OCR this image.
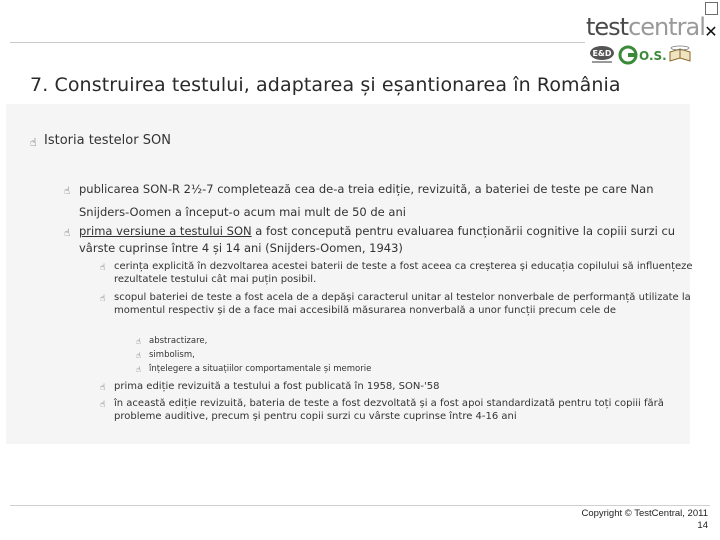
✕
testcentral
E&D O.S.
7. Construirea testului, adaptarea și eșantionarea în România
☝ Istoria testelor SON
☝ publicarea SON-R 2½-7 completează cea de-a treia ediție, revizuită, a bateriei de teste pe care Nan Snijders-Oomen a început-o acum mai mult de 50 de ani
☝ prima versiune a testului SON a fost concepută pentru evaluarea funcționării cognitive la copiii surzi cu vârste cuprinse între 4 și 14 ani (Snijders-Oomen, 1943)
☝ cerința explicită în dezvoltarea acestei baterii de teste a fost aceea ca creșterea și educația copilului să influențeze rezultatele testului cât mai puțin posibil.
☝ scopul bateriei de teste a fost acela de a depăși caracterul unitar al testelor nonverbale de performanță utilizate la momentul respectiv și de a face mai accesibilă măsurarea nonverbală a unor funcții precum cele de
☝ abstractizare,
☝ simbolism,
☝ înțelegere a situațiilor comportamentale și memorie
☝ prima ediție revizuită a testului a fost publicată în 1958, SON-'58
☝ în această ediție revizuită, bateria de teste a fost dezvoltată și a fost apoi standardizată pentru toți copiii fără probleme auditive, precum și pentru copii surzi cu vârste cuprinse între 4-16 ani
Copyright © TestCentral, 2011
14
